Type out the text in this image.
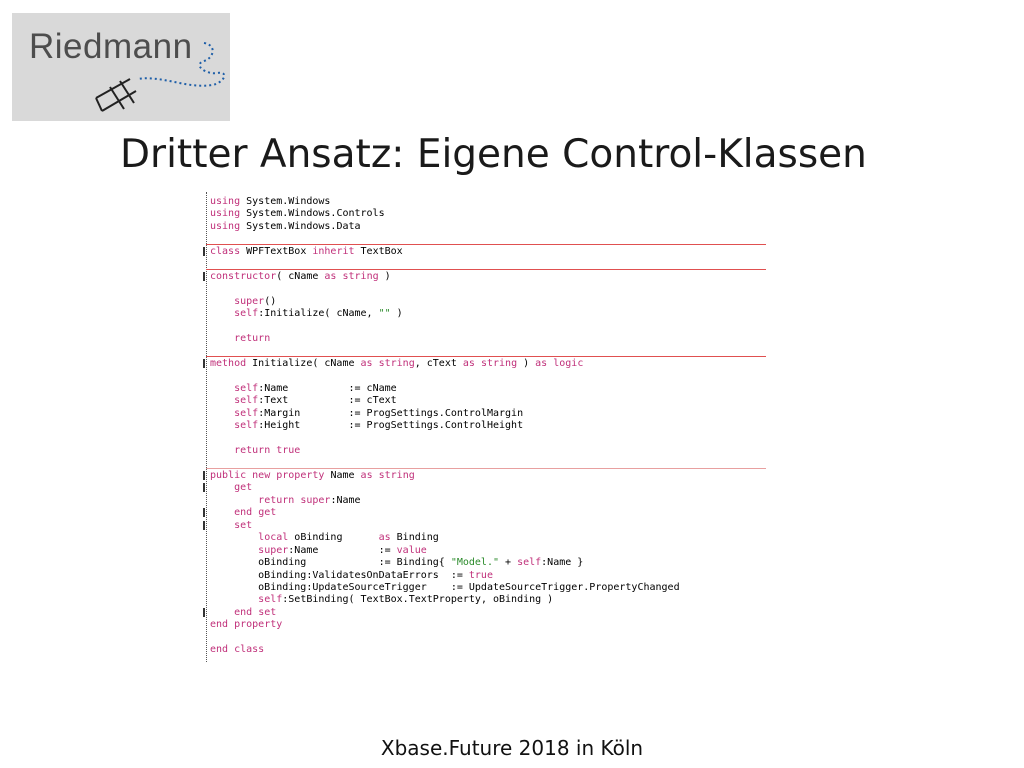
Riedmann
Dritter Ansatz: Eigene Control-Klassen
using System.Windows
using System.Windows.Controls
using System.Windows.Data
class WPFTextBox inherit TextBox
constructor( cName as string )
super()
self:Initialize( cName, "" )
return
method Initialize( cName as string, cText as string ) as logic
self:Name          := cName
self:Text          := cText
self:Margin        := ProgSettings.ControlMargin
self:Height        := ProgSettings.ControlHeight
return true
public new property Name as string
get
return super:Name
end get
set
local oBinding      as Binding
super:Name          := value
oBinding            := Binding{ "Model." + self:Name }
oBinding:ValidatesOnDataErrors  := true
oBinding:UpdateSourceTrigger    := UpdateSourceTrigger.PropertyChanged
self:SetBinding( TextBox.TextProperty, oBinding )
end set
end property
end class
Xbase.Future 2018 in Köln
